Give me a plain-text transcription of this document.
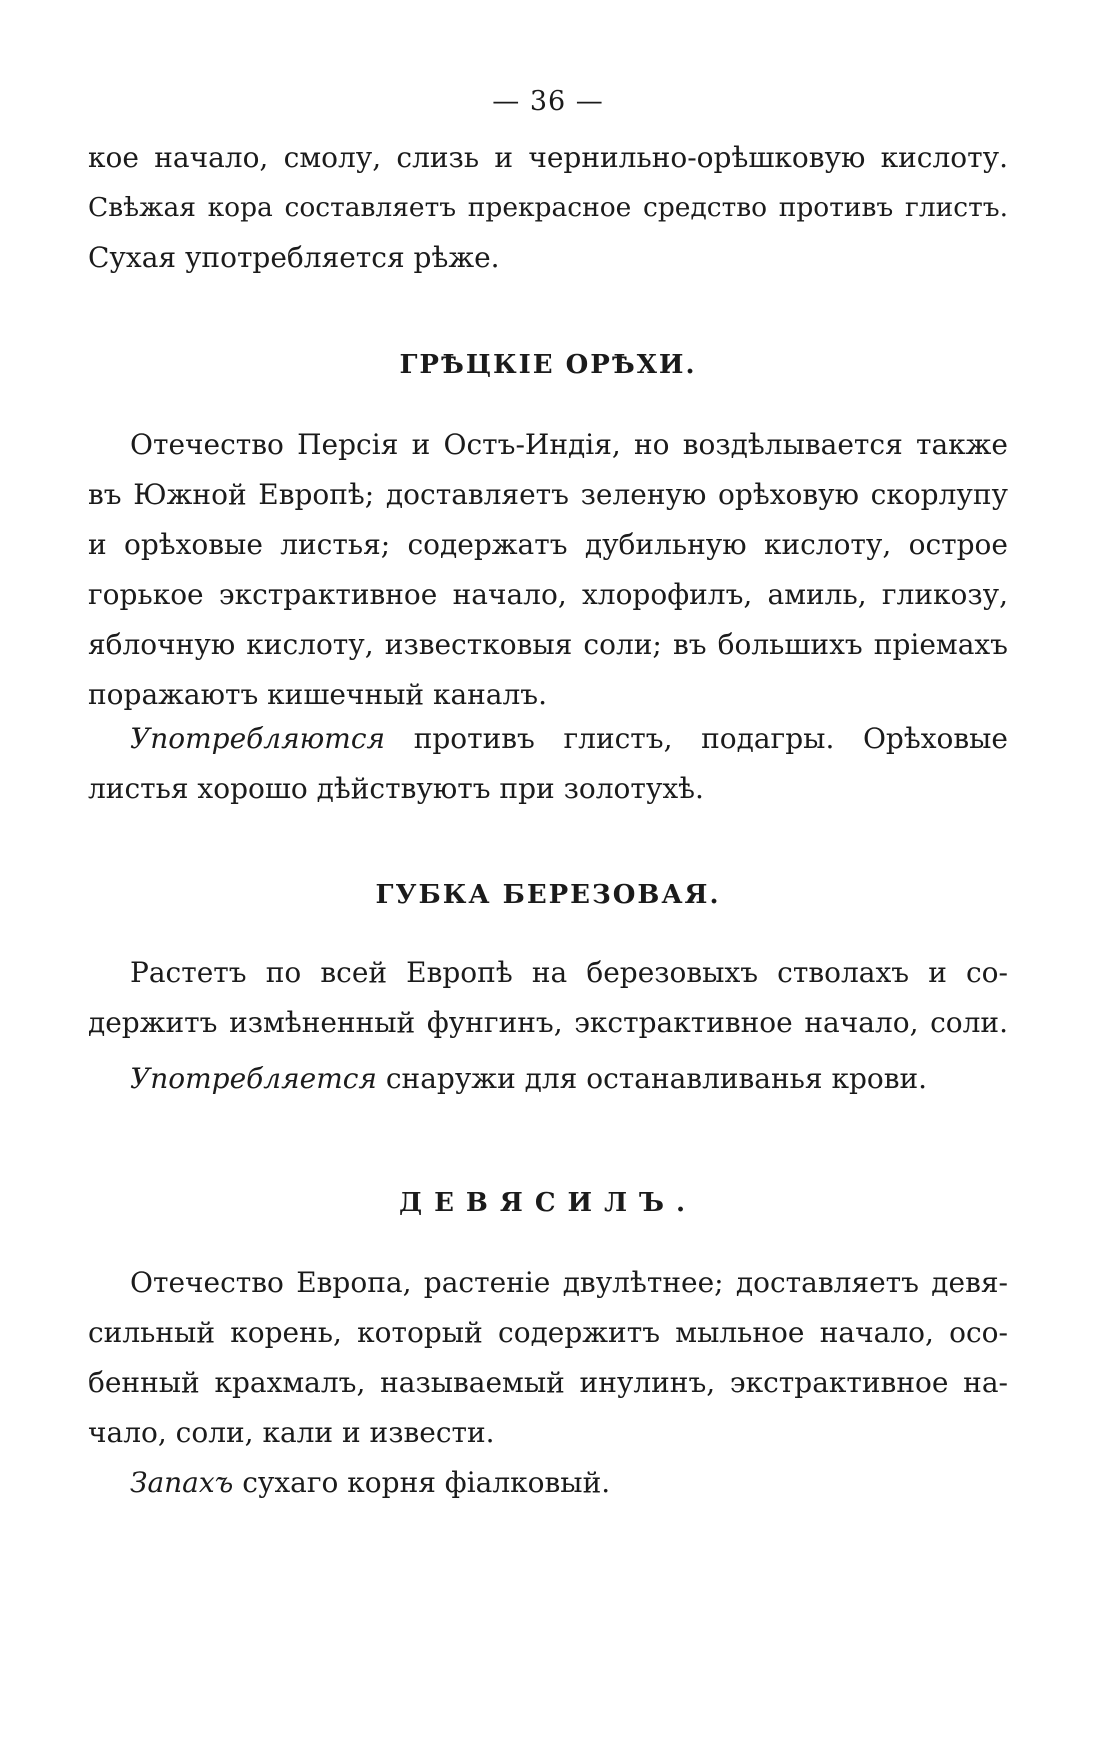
— 36 —
кое начало, смолу, слизь и чернильно-орѣшковую кислоту.
Свѣжая кора составляетъ прекрасное средство противъ глистъ.
Сухая употребляется рѣже.
ГРѢЦКІЕ ОРѢХИ.
Отечество Персія и Остъ-Индія, но воздѣлывается также
въ Южной Европѣ; доставляетъ зеленую орѣховую скорлупу
и орѣховые листья; содержатъ дубильную кислоту, острое
горькое экстрактивное начало, хлорофилъ, амиль, гликозу,
яблочную кислоту, известковыя соли; въ большихъ пріемахъ
поражаютъ кишечный каналъ.
Употребляются противъ глистъ, подагры. Орѣховые
листья хорошо дѣйствуютъ при золотухѣ.
ГУБКА БЕРЕЗОВАЯ.
Растетъ по всей Европѣ на березовыхъ стволахъ и со-
держитъ измѣненный фунгинъ, экстрактивное начало, соли.
Употребляется снаружи для останавливанья крови.
ДЕВЯСИЛЪ.
Отечество Европа, растеніе двулѣтнее; доставляетъ девя-
сильный корень, который содержитъ мыльное начало, осо-
бенный крахмалъ, называемый инулинъ, экстрактивное на-
чало, соли, кали и извести.
Запахъ сухаго корня фіалковый.
